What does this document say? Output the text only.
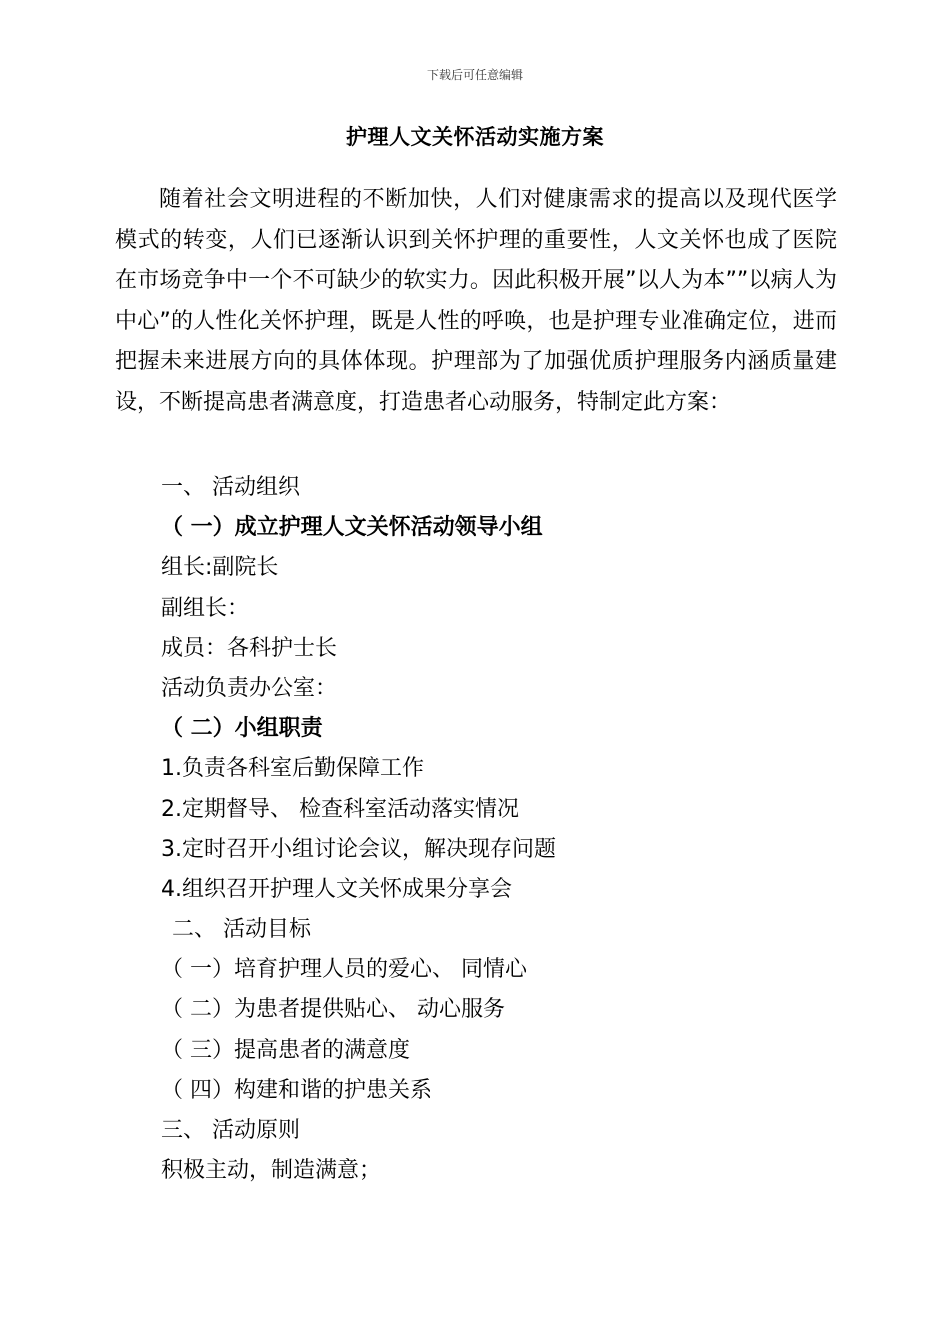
下载后可任意编辑
护理人文关怀活动实施方案

随着社会文明进程的不断加快，人们对健康需求的提高以及现代医学模式的转变，人们已逐渐认识到关怀护理的重要性，人文关怀也成了医院在市场竞争中一个不可缺少的软实力。因此积极开展”以人为本””以病人为中心”的人性化关怀护理，既是人性的呼唤，也是护理专业准确定位，进而把握未来进展方向的具体体现。护理部为了加强优质护理服务内涵质量建设，不断提高患者满意度，打造患者心动服务，特制定此方案：

一、 活动组织
（ 一）成立护理人文关怀活动领导小组
组长:副院长
副组长：
成员：各科护士长
活动负责办公室：
（ 二）小组职责
1.负责各科室后勤保障工作
2.定期督导、 检查科室活动落实情况
3.定时召开小组讨论会议，解决现存问题
4.组织召开护理人文关怀成果分享会
二、 活动目标
（ 一）培育护理人员的爱心、 同情心
（ 二）为患者提供贴心、 动心服务
（ 三）提高患者的满意度
（ 四）构建和谐的护患关系
三、 活动原则
积极主动，制造满意；
